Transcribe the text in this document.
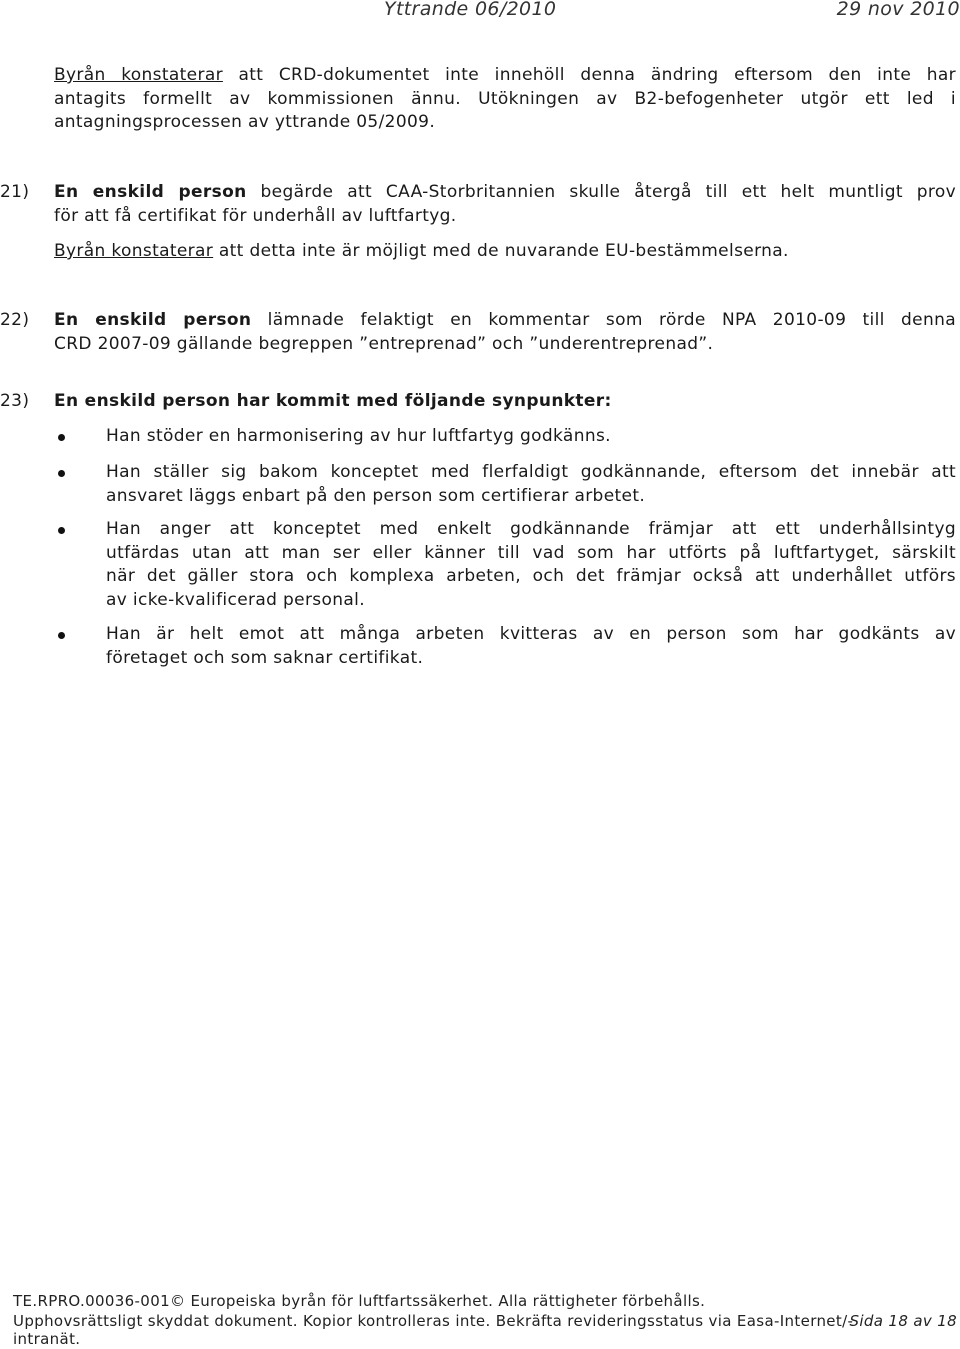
Yttrande 06/2010	29 nov 2010
Byrån konstaterar att CRD-dokumentet inte innehöll denna ändring eftersom den inte har
antagits formellt av kommissionen ännu. Utökningen av B2-befogenheter utgör ett led i
antagningsprocessen av yttrande 05/2009.
21) En enskild person begärde att CAA-Storbritannien skulle återgå till ett helt muntligt prov
för att få certifikat för underhåll av luftfartyg.
Byrån konstaterar att detta inte är möjligt med de nuvarande EU-bestämmelserna.
22) En enskild person lämnade felaktigt en kommentar som rörde NPA 2010-09 till denna
CRD 2007-09 gällande begreppen ”entreprenad” och ”underentreprenad”.
23) En enskild person har kommit med följande synpunkter:
Han stöder en harmonisering av hur luftfartyg godkänns.
Han ställer sig bakom konceptet med flerfaldigt godkännande, eftersom det innebär att
ansvaret läggs enbart på den person som certifierar arbetet.
Han anger att konceptet med enkelt godkännande främjar att ett underhållsintyg
utfärdas utan att man ser eller känner till vad som har utförts på luftfartyget, särskilt
när det gäller stora och komplexa arbeten, och det främjar också att underhållet utförs
av icke-kvalificerad personal.
Han är helt emot att många arbeten kvitteras av en person som har godkänts av
företaget och som saknar certifikat.
TE.RPRO.00036-001© Europeiska byrån för luftfartssäkerhet. Alla rättigheter förbehålls.
Upphovsrättsligt skyddat dokument. Kopior kontrolleras inte. Bekräfta revideringsstatus via Easa-Internet/-
intranät.
Sida 18 av 18
